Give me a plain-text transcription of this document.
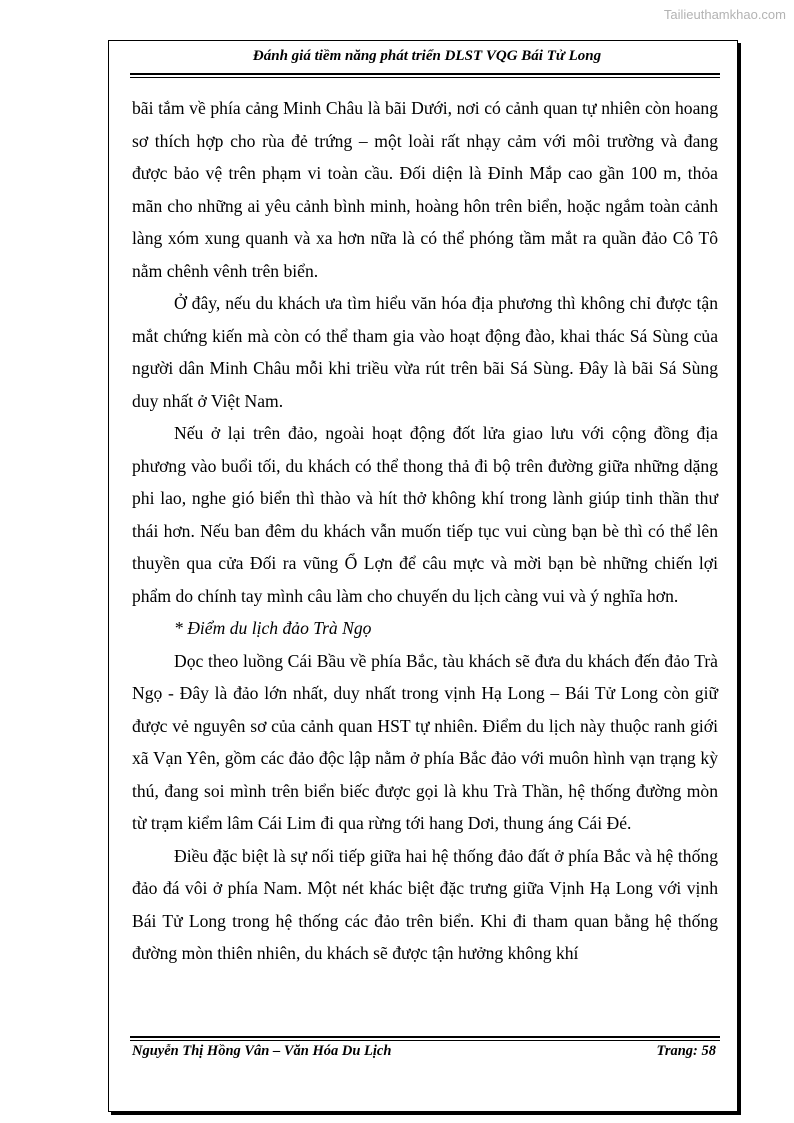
Tailieuthamkhao.com
Đánh giá tiềm năng phát triển DLST VQG Bái Tử Long

bãi tắm về phía cảng Minh Châu là bãi Dưới, nơi có cảnh quan tự nhiên còn hoang sơ thích hợp cho rùa đẻ trứng – một loài rất nhạy cảm với môi trường và đang được bảo vệ trên phạm vi toàn cầu. Đối diện là Đỉnh Mắp cao gần 100 m, thỏa mãn cho những ai yêu cảnh bình minh, hoàng hôn trên biển, hoặc ngắm toàn cảnh làng xóm xung quanh và xa hơn nữa là có thể phóng tầm mắt ra quần đảo Cô Tô nằm chênh vênh trên biển.

Ở đây, nếu du khách ưa tìm hiểu văn hóa địa phương thì không chỉ được tận mắt chứng kiến mà còn có thể tham gia vào hoạt động đào, khai thác Sá Sùng của người dân Minh Châu mỗi khi triều vừa rút trên bãi Sá Sùng. Đây là bãi Sá Sùng duy nhất ở Việt Nam.

Nếu ở lại trên đảo, ngoài hoạt động đốt lửa giao lưu với cộng đồng địa phương vào buổi tối, du khách có thể thong thả đi bộ trên đường giữa những dặng phi lao, nghe gió biển thì thào và hít thở không khí trong lành giúp tinh thần thư thái hơn. Nếu ban đêm du khách vẫn muốn tiếp tục vui cùng bạn bè thì có thể lên thuyền qua cửa Đối ra vũng Ổ Lợn để câu mực và mời bạn bè những chiến lợi phẩm do chính tay mình câu làm cho chuyến du lịch càng vui và ý nghĩa hơn.

* Điểm du lịch đảo Trà Ngọ

Dọc theo luồng Cái Bầu về phía Bắc, tàu khách sẽ đưa du khách đến đảo Trà Ngọ - Đây là đảo lớn nhất, duy nhất trong vịnh Hạ Long – Bái Tử Long còn giữ được vẻ nguyên sơ của cảnh quan HST tự nhiên. Điểm du lịch này thuộc ranh giới xã Vạn Yên, gồm các đảo độc lập nằm ở phía Bắc đảo với muôn hình vạn trạng kỳ thú, đang soi mình trên biển biếc được gọi là khu Trà Thần, hệ thống đường mòn từ trạm kiểm lâm Cái Lim đi qua rừng tới hang Dơi, thung áng Cái Đé.

Điều đặc biệt là sự nối tiếp giữa hai hệ thống đảo đất ở phía Bắc và hệ thống đảo đá vôi ở phía Nam. Một nét khác biệt đặc trưng giữa Vịnh Hạ Long với vịnh Bái Tử Long trong hệ thống các đảo trên biển. Khi đi tham quan bằng hệ thống đường mòn thiên nhiên, du khách sẽ được tận hưởng không khí

Nguyễn Thị Hồng Vân – Văn Hóa Du Lịch	Trang: 58
